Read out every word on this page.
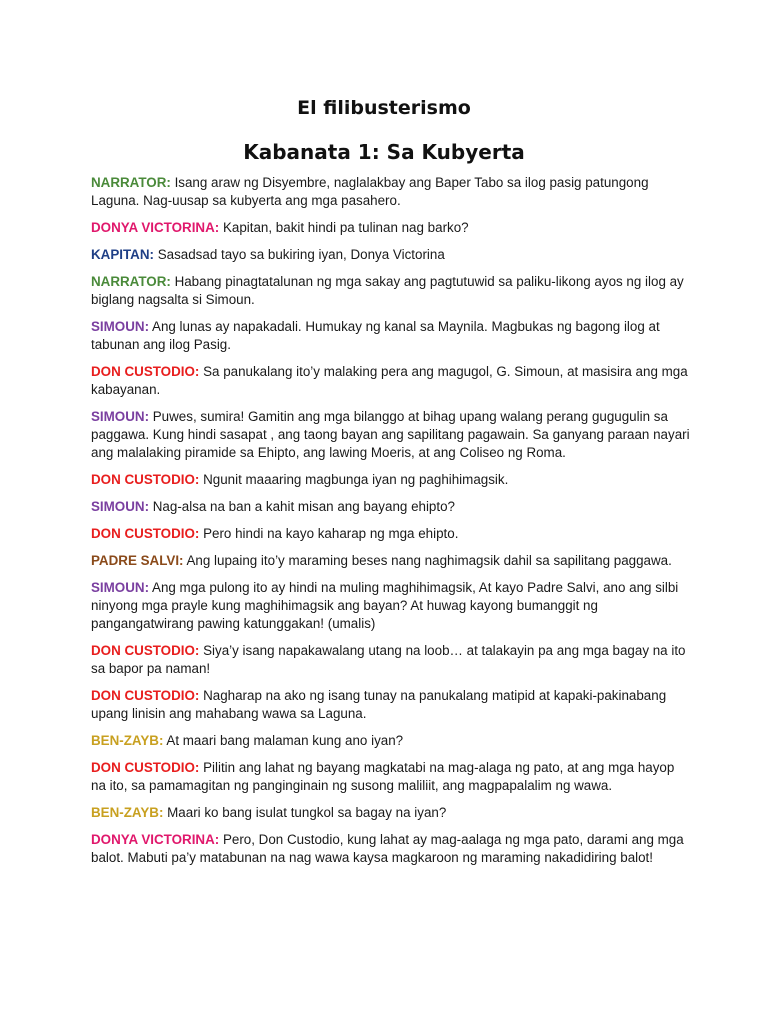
El filibusterismo
Kabanata 1: Sa Kubyerta

NARRATOR: Isang araw ng Disyembre, naglalakbay ang Baper Tabo sa ilog pasig patungong Laguna. Nag-uusap sa kubyerta ang mga pasahero.

DONYA VICTORINA: Kapitan, bakit hindi pa tulinan nag barko?

KAPITAN: Sasadsad tayo sa bukiring iyan, Donya Victorina

NARRATOR: Habang pinagtatalunan ng mga sakay ang pagtutuwid sa paliku-likong ayos ng ilog ay biglang nagsalta si Simoun.

SIMOUN: Ang lunas ay napakadali. Humukay ng kanal sa Maynila. Magbukas ng bagong ilog at tabunan ang ilog Pasig.

DON CUSTODIO: Sa panukalang ito’y malaking pera ang magugol, G. Simoun, at masisira ang mga kabayanan.

SIMOUN: Puwes, sumira! Gamitin ang mga bilanggo at bihag upang walang perang gugugulin sa paggawa. Kung hindi sasapat , ang taong bayan ang sapilitang pagawain. Sa ganyang paraan nayari ang malalaking piramide sa Ehipto, ang lawing Moeris, at ang Coliseo ng Roma.

DON CUSTODIO: Ngunit maaaring magbunga iyan ng paghihimagsik.

SIMOUN: Nag-alsa na ban a kahit misan ang bayang ehipto?

DON CUSTODIO: Pero hindi na kayo kaharap ng mga ehipto.

PADRE SALVI: Ang lupaing ito’y maraming beses nang naghimagsik dahil sa sapilitang paggawa.

SIMOUN: Ang mga pulong ito ay hindi na muling maghihimagsik, At kayo Padre Salvi, ano ang silbi ninyong mga prayle kung maghihimagsik ang bayan? At huwag kayong bumanggit ng pangangatwirang pawing katunggakan! (umalis)

DON CUSTODIO: Siya’y isang napakawalang utang na loob… at talakayin pa ang mga bagay na ito sa bapor pa naman!

DON CUSTODIO: Nagharap na ako ng isang tunay na panukalang matipid at kapaki-pakinabang upang linisin ang mahabang wawa sa Laguna.

BEN-ZAYB: At maari bang malaman kung ano iyan?

DON CUSTODIO: Pilitin ang lahat ng bayang magkatabi na mag-alaga ng pato, at ang mga hayop na ito, sa pamamagitan ng panginginain ng susong maliliit, ang magpapalalim ng wawa.

BEN-ZAYB: Maari ko bang isulat tungkol sa bagay na iyan?

DONYA VICTORINA: Pero, Don Custodio, kung lahat ay mag-aalaga ng mga pato, darami ang mga balot. Mabuti pa’y matabunan na nag wawa kaysa magkaroon ng maraming nakadidiring balot!
